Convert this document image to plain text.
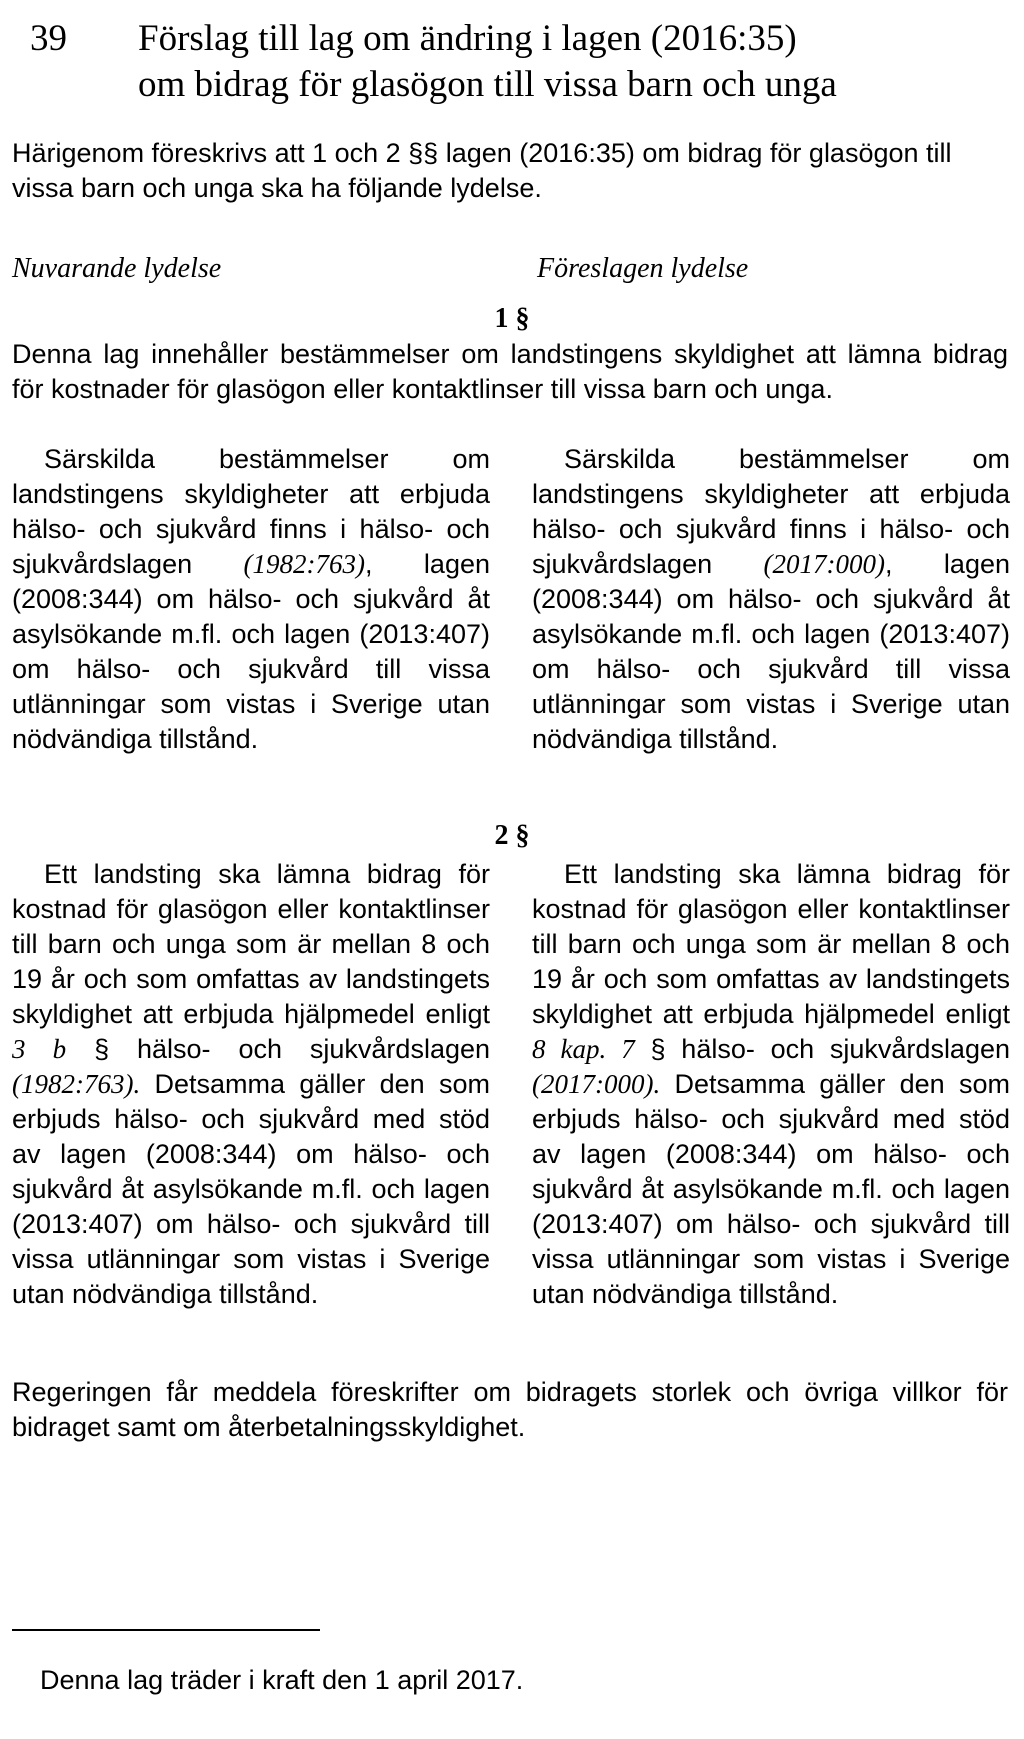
39 Förslag till lag om ändring i lagen (2016:35)
om bidrag för glasögon till vissa barn och unga
Härigenom föreskrivs att 1 och 2 §§ lagen (2016:35) om bidrag för glasögon till vissa barn och unga ska ha följande lydelse.
Nuvarande lydelse	Föreslagen lydelse
1 §
Denna lag innehåller bestämmelser om landstingens skyldighet att lämna bidrag för kostnader för glasögon eller kontaktlinser till vissa barn och unga.
Särskilda bestämmelser om landstingens skyldigheter att erbjuda hälso- och sjukvård finns i hälso- och sjukvårdslagen (1982:763), lagen (2008:344) om hälso- och sjukvård åt asylsökande m.fl. och lagen (2013:407) om hälso- och sjukvård till vissa utlänningar som vistas i Sverige utan nödvändiga tillstånd.
Särskilda bestämmelser om landstingens skyldigheter att erbjuda hälso- och sjukvård finns i hälso- och sjukvårdslagen (2017:000), lagen (2008:344) om hälso- och sjukvård åt asylsökande m.fl. och lagen (2013:407) om hälso- och sjukvård till vissa utlänningar som vistas i Sverige utan nödvändiga tillstånd.
2 §
Ett landsting ska lämna bidrag för kostnad för glasögon eller kontaktlinser till barn och unga som är mellan 8 och 19 år och som omfattas av landstingets skyldighet att erbjuda hjälpmedel enligt 3 b § hälso- och sjukvårdslagen (1982:763). Detsamma gäller den som erbjuds hälso- och sjukvård med stöd av lagen (2008:344) om hälso- och sjukvård åt asylsökande m.fl. och lagen (2013:407) om hälso- och sjukvård till vissa utlänningar som vistas i Sverige utan nödvändiga tillstånd.
Ett landsting ska lämna bidrag för kostnad för glasögon eller kontaktlinser till barn och unga som är mellan 8 och 19 år och som omfattas av landstingets skyldighet att erbjuda hjälpmedel enligt 8 kap. 7 § hälso- och sjukvårdslagen (2017:000). Detsamma gäller den som erbjuds hälso- och sjukvård med stöd av lagen (2008:344) om hälso- och sjukvård åt asylsökande m.fl. och lagen (2013:407) om hälso- och sjukvård till vissa utlänningar som vistas i Sverige utan nödvändiga tillstånd.
Regeringen får meddela föreskrifter om bidragets storlek och övriga villkor för bidraget samt om återbetalningsskyldighet.
Denna lag träder i kraft den 1 april 2017.
